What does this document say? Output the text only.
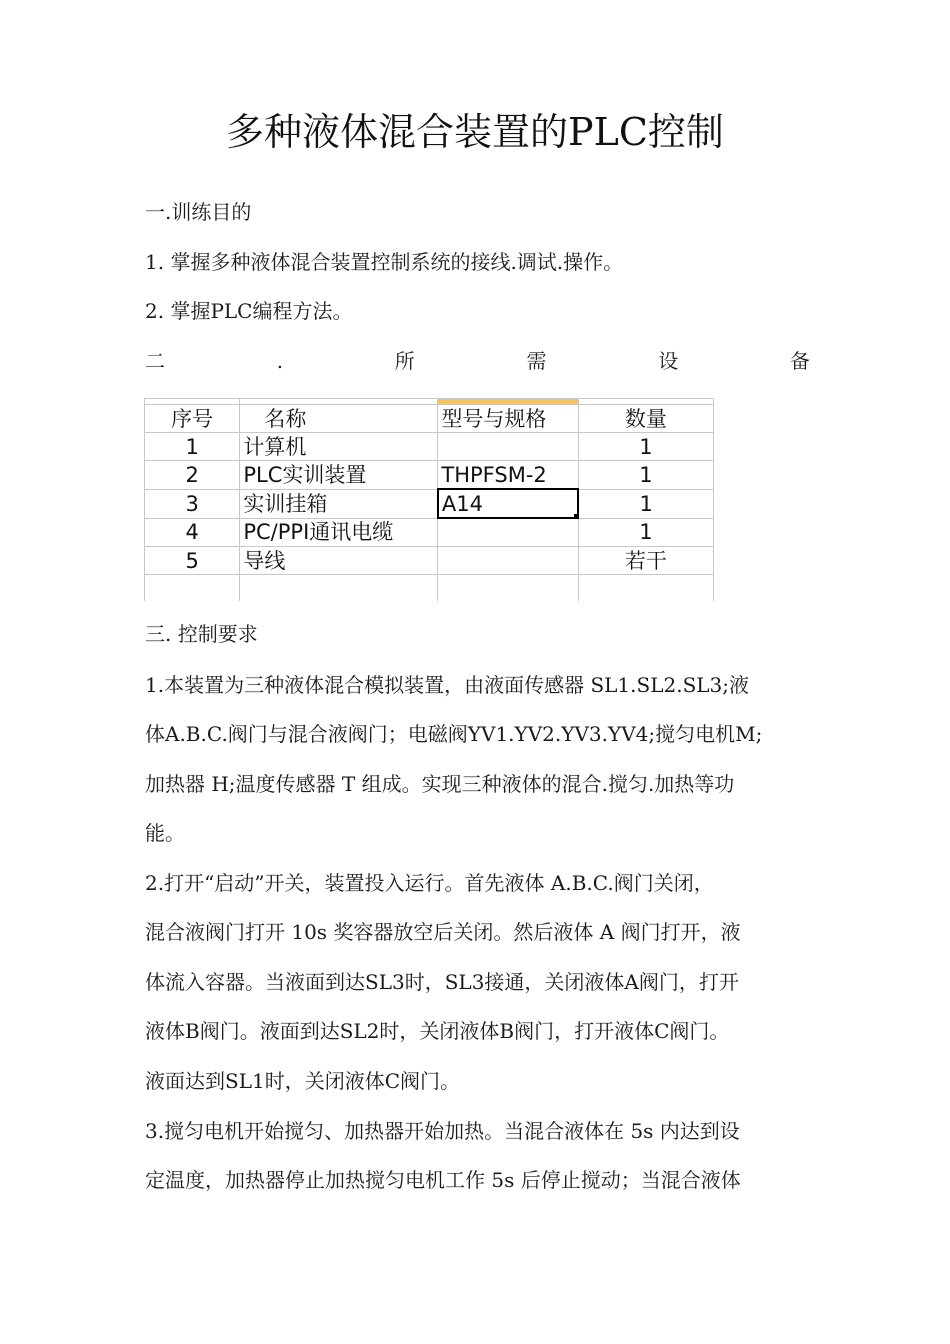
多种液体混合装置的PLC控制

一.训练目的

1. 掌握多种液体混合装置控制系统的接线.调试.操作。

2. 掌握PLC编程方法。

二	.	所	需	设	备

序号	名称	型号与规格	数量
1	计算机		1
2	PLC实训装置	THPFSM-2	1
3	实训挂箱	A14	1
4	PC/PPI通讯电缆		1
5	导线		若干

三. 控制要求

1.本装置为三种液体混合模拟装置，由液面传感器 SL1.SL2.SL3;液

体A.B.C.阀门与混合液阀门；电磁阀YV1.YV2.YV3.YV4;搅匀电机M;

加热器 H;温度传感器 T 组成。实现三种液体的混合.搅匀.加热等功

能。

2.打开“启动”开关，装置投入运行。首先液体 A.B.C.阀门关闭，

混合液阀门打开 10s 奖容器放空后关闭。然后液体 A 阀门打开，液

体流入容器。当液面到达SL3时，SL3接通，关闭液体A阀门，打开

液体B阀门。液面到达SL2时，关闭液体B阀门，打开液体C阀门。

液面达到SL1时，关闭液体C阀门。

3.搅匀电机开始搅匀、加热器开始加热。当混合液体在 5s 内达到设

定温度，加热器停止加热搅匀电机工作 5s 后停止搅动；当混合液体
